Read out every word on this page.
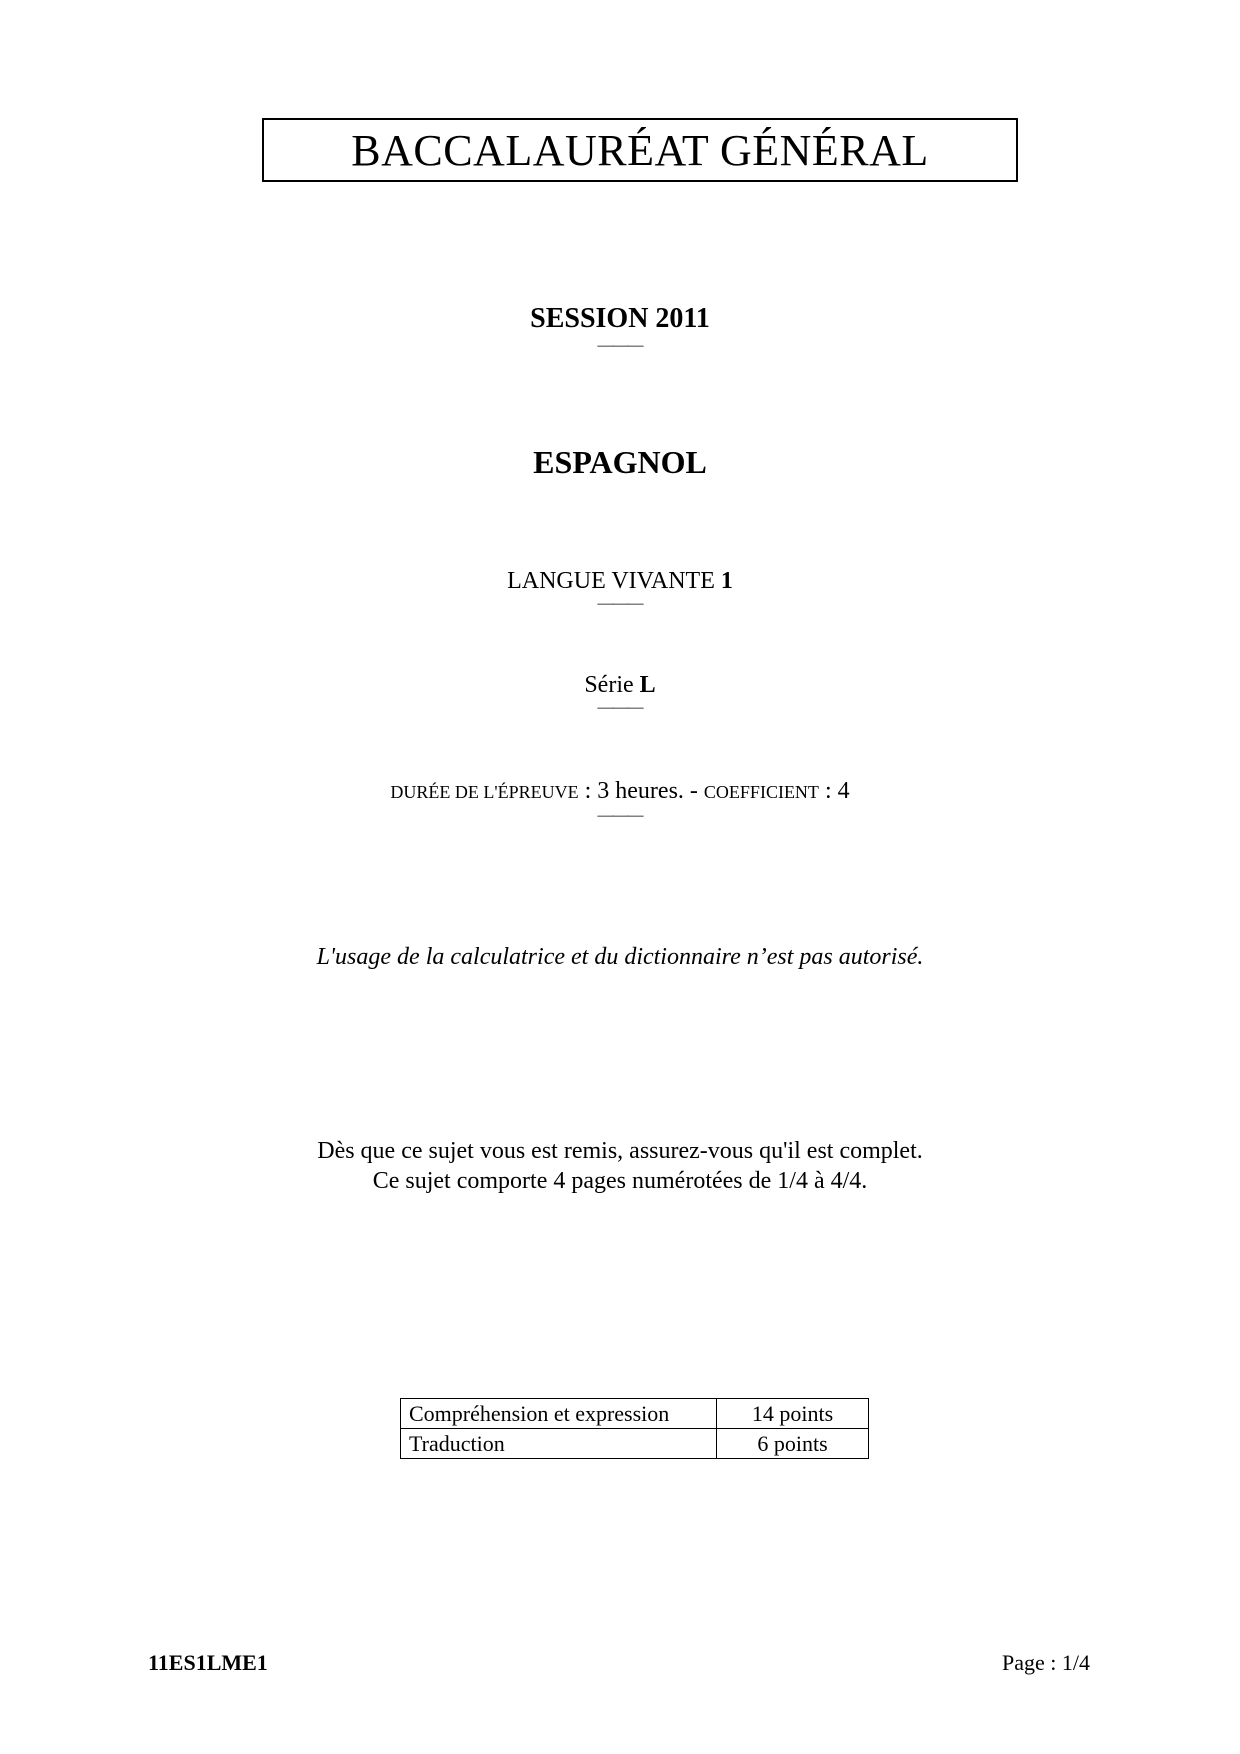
BACCALAURÉAT GÉNÉRAL
SESSION 2011
———
ESPAGNOL
LANGUE VIVANTE 1
———
Série L
———
DURÉE DE L'ÉPREUVE : 3 heures. - COEFFICIENT : 4
———
L'usage de la calculatrice et du dictionnaire n’est pas autorisé.
Dès que ce sujet vous est remis, assurez-vous qu'il est complet.
Ce sujet comporte 4 pages numérotées de 1/4 à 4/4.
Compréhension et expression	14 points
Traduction	6 points
11ES1LME1	Page : 1/4
